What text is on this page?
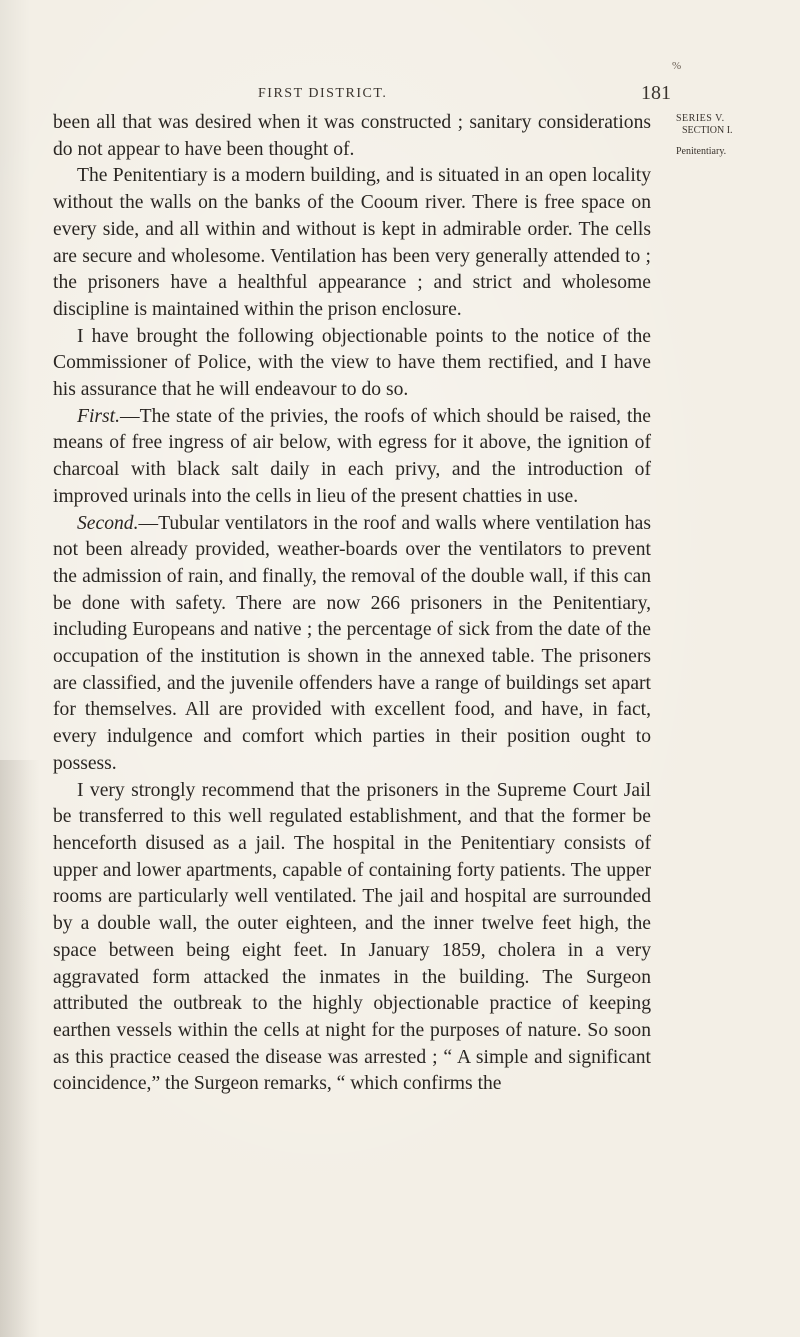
%
FIRST DISTRICT.	181
SERIES V.
SECTION I.
Penitentiary.

been all that was desired when it was constructed ; sanitary considerations do not appear to have been thought of.

The Penitentiary is a modern building, and is situated in an open locality without the walls on the banks of the Cooum river. There is free space on every side, and all within and without is kept in admirable order. The cells are secure and wholesome. Ventilation has been very generally attended to ; the prisoners have a healthful appearance ; and strict and wholesome discipline is maintained within the prison enclosure.

I have brought the following objectionable points to the notice of the Commissioner of Police, with the view to have them rectified, and I have his assurance that he will endeavour to do so.

First.—The state of the privies, the roofs of which should be raised, the means of free ingress of air below, with egress for it above, the ignition of charcoal with black salt daily in each privy, and the introduction of improved urinals into the cells in lieu of the present chatties in use.

Second.—Tubular ventilators in the roof and walls where ventilation has not been already provided, weather-boards over the ventilators to prevent the admission of rain, and finally, the removal of the double wall, if this can be done with safety. There are now 266 prisoners in the Penitentiary, including Europeans and native ; the percentage of sick from the date of the occupation of the institution is shown in the annexed table. The prisoners are classified, and the juvenile offenders have a range of buildings set apart for themselves. All are provided with excellent food, and have, in fact, every indulgence and comfort which parties in their position ought to possess.

I very strongly recommend that the prisoners in the Supreme Court Jail be transferred to this well regulated establishment, and that the former be henceforth disused as a jail. The hospital in the Penitentiary consists of upper and lower apartments, capable of containing forty patients. The upper rooms are particularly well ventilated. The jail and hospital are surrounded by a double wall, the outer eighteen, and the inner twelve feet high, the space between being eight feet. In January 1859, cholera in a very aggravated form attacked the inmates in the building. The Surgeon attributed the outbreak to the highly objectionable practice of keeping earthen vessels within the cells at night for the purposes of nature. So soon as this practice ceased the disease was arrested ; “ A simple and significant coincidence,” the Surgeon remarks, “ which confirms the
